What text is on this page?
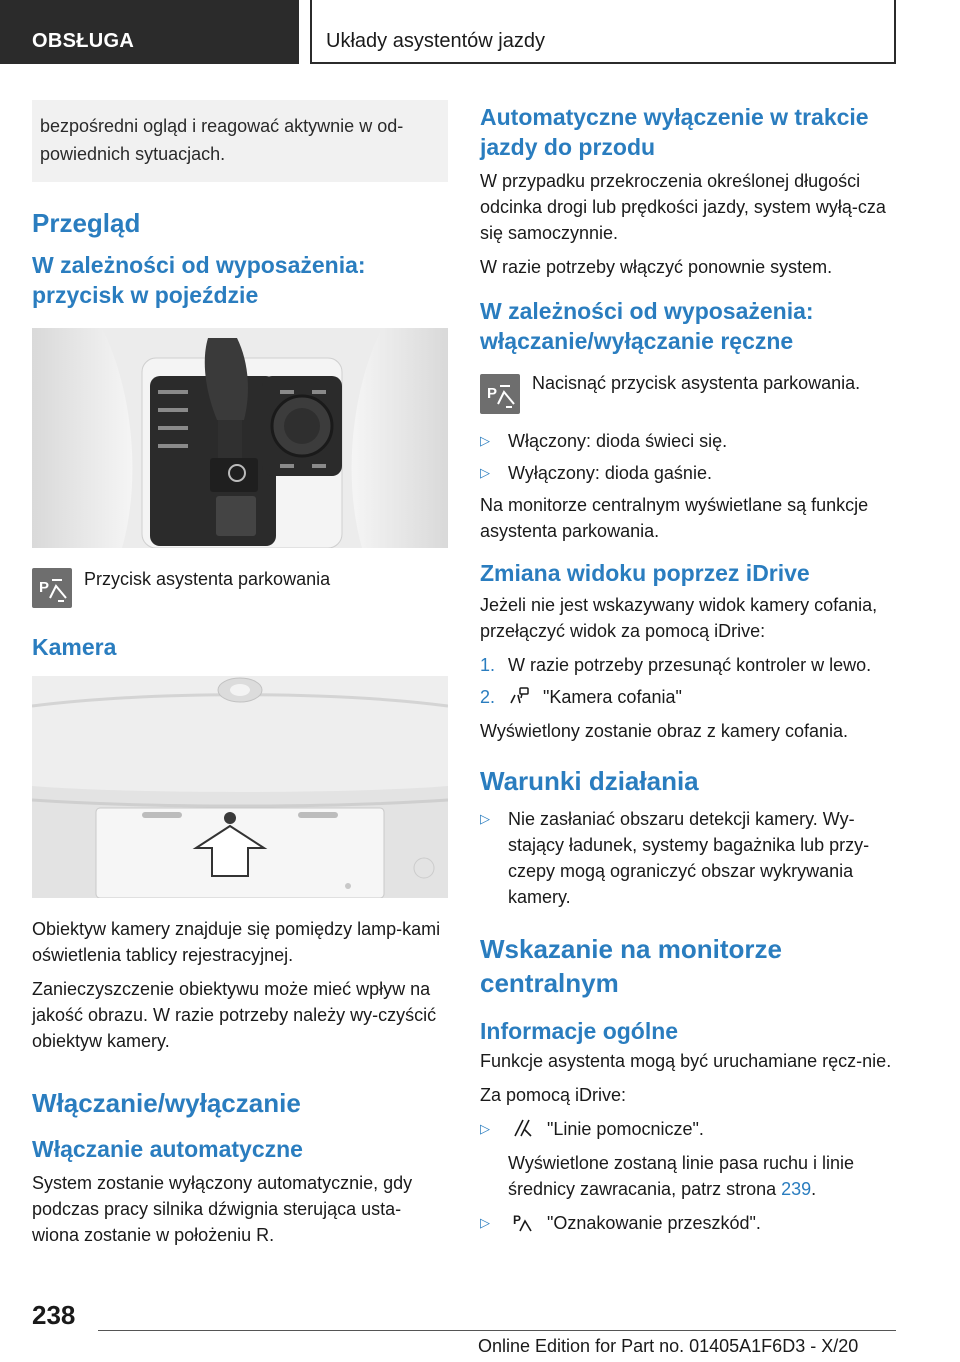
OBSŁUGA	Układy asystentów jazdy
bezpośredni ogląd i reagować aktywnie w od-powiednich sytuacjach.
Przegląd
W zależności od wyposażenia: przycisk w pojeździe
P Przycisk asystenta parkowania
Kamera

Obiektyw kamery znajduje się pomiędzy lamp-kami oświetlenia tablicy rejestracyjnej.

Zanieczyszczenie obiektywu może mieć wpływ na jakość obrazu. W razie potrzeby należy wy-czyścić obiektyw kamery.

Włączanie/wyłączanie
Włączanie automatyczne

System zostanie wyłączony automatycznie, gdy podczas pracy silnika dźwignia sterująca usta-wiona zostanie w położeniu R.

Automatyczne wyłączenie w trakcie jazdy do przodu

W przypadku przekroczenia określonej długości odcinka drogi lub prędkości jazdy, system wyłą-cza się samoczynnie.

W razie potrzeby włączyć ponownie system.

W zależności od wyposażenia: włączanie/wyłączanie ręczne
P
Nacisnąć przycisk asystenta parkowania.
▷ Włączony: dioda świeci się.
▷ Wyłączony: dioda gaśnie.

Na monitorze centralnym wyświetlane są funkcje asystenta parkowania.

Zmiana widoku poprzez iDrive

Jeżeli nie jest wskazywany widok kamery cofania, przełączyć widok za pomocą iDrive:

1. W razie potrzeby przesunąć kontroler w lewo.
2.	"Kamera cofania"

Wyświetlony zostanie obraz z kamery cofania.

Warunki działania
▷ Nie zasłaniać obszaru detekcji kamery. Wy-stający ładunek, systemy bagażnika lub przy-czepy mogą ograniczyć obszar wykrywania kamery.
Wskazanie na monitorze centralnym
Informacje ogólne

Funkcje asystenta mogą być uruchamiane ręcz-nie.

Za pomocą iDrive:

▷	"Linie pomocnicze".
Wyświetlone zostaną linie pasa ruchu i linie średnicy zawracania, patrz strona 239.
▷ P "Oznakowanie przeszkód".
238
Online Edition for Part no. 01405A1F6D3 - X/20
